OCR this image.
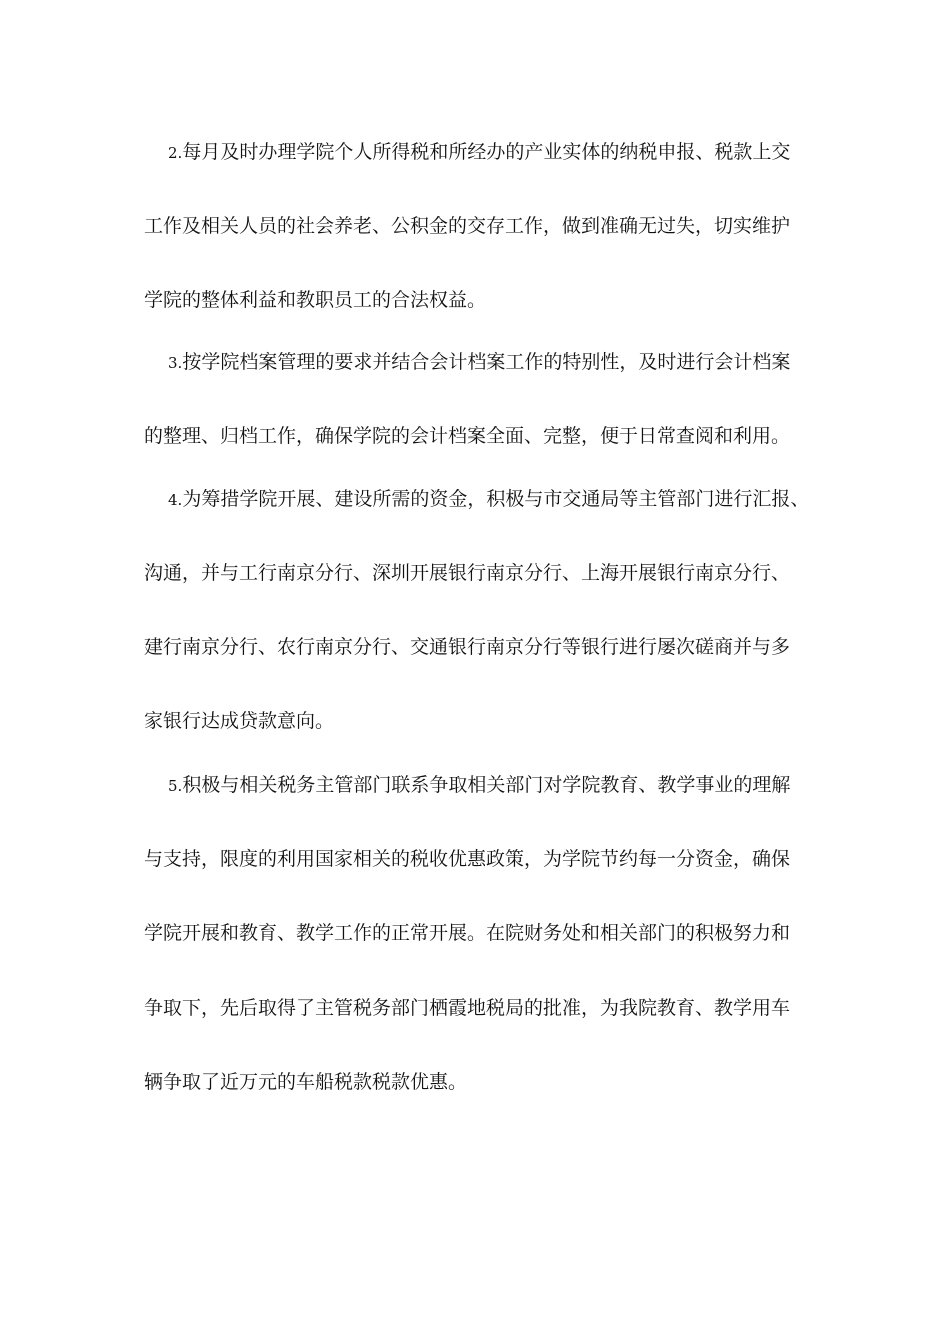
2.每月及时办理学院个人所得税和所经办的产业实体的纳税申报、税款上交
工作及相关人员的社会养老、公积金的交存工作，做到准确无过失，切实维护
学院的整体利益和教职员工的合法权益。
3.按学院档案管理的要求并结合会计档案工作的特别性，及时进行会计档案
的整理、归档工作，确保学院的会计档案全面、完整，便于日常查阅和利用。
4.为筹措学院开展、建设所需的资金，积极与市交通局等主管部门进行汇报、
沟通，并与工行南京分行、深圳开展银行南京分行、上海开展银行南京分行、
建行南京分行、农行南京分行、交通银行南京分行等银行进行屡次磋商并与多
家银行达成贷款意向。
5.积极与相关税务主管部门联系争取相关部门对学院教育、教学事业的理解
与支持，限度的利用国家相关的税收优惠政策，为学院节约每一分资金，确保
学院开展和教育、教学工作的正常开展。在院财务处和相关部门的积极努力和
争取下，先后取得了主管税务部门栖霞地税局的批准，为我院教育、教学用车
辆争取了近万元的车船税款税款优惠。
